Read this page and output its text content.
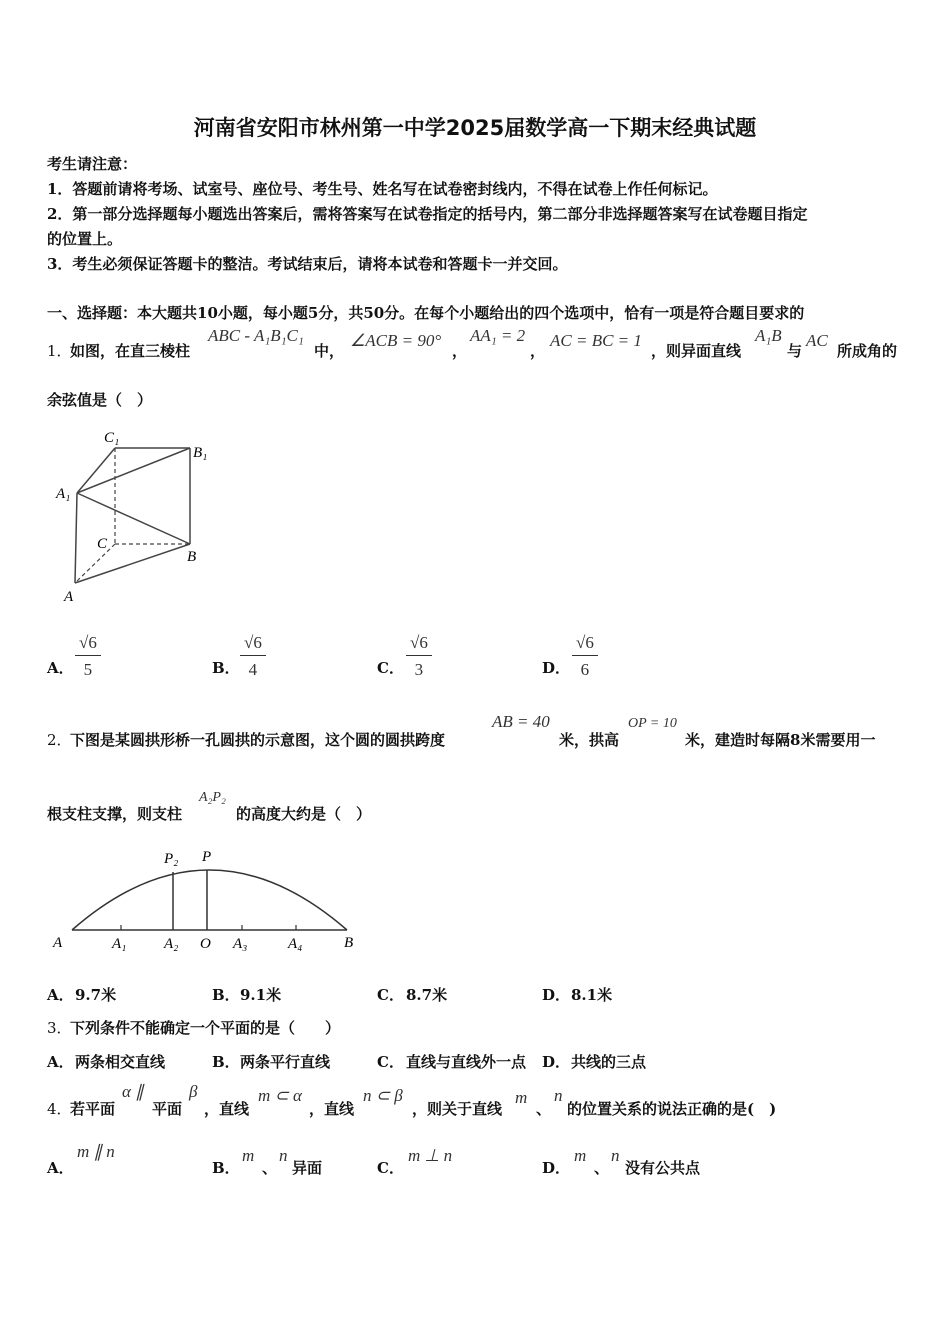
河南省安阳市林州第一中学2025届数学高一下期末经典试题
考生请注意：
1．答题前请将考场、试室号、座位号、考生号、姓名写在试卷密封线内，不得在试卷上作任何标记。
2．第一部分选择题每小题选出答案后，需将答案写在试卷指定的括号内，第二部分非选择题答案写在试卷题目指定
的位置上。
3．考生必须保证答题卡的整洁。考试结束后，请将本试卷和答题卡一并交回。
一、选择题：本大题共10小题，每小题5分，共50分。在每个小题给出的四个选项中，恰有一项是符合题目要求的
1．
如图，在直三棱柱
ABC - A₁B₁C₁
中，
∠ACB = 90°
，
AA₁ = 2
，
AC = BC = 1
，则异面直线
A₁B
与
AC
所成角的
余弦值是（　）
C₁
B₁
A₁
C
B
A
A． $\frac{√6}{5}$	B． $\frac{√6}{4}$	C． $\frac{√6}{3}$	D． $\frac{√6}{6}$
2．
下图是某圆拱形桥一孔圆拱的示意图，这个圆的圆拱跨度
AB = 40
米，拱高
OP = 10
米，建造时每隔8米需要用一
根支柱支撑，则支柱
A₂P₂
的高度大约是（　）
P₂ P
A	A₁	A₂ O A₃	A₄	B
A． 9.7米	B． 9.1米	C． 8.7米	D． 8.1米
3．
下列条件不能确定一个平面的是（　　）
A． 两条相交直线	B． 两条平行直线	C． 直线与直线外一点 D． 共线的三点
4．
若平面
α ∥
平面
β
，直线
m ⊂ α
，直线
n ⊂ β
，则关于直线
m
、
n
的位置关系的说法正确的是(　)
A．
m ∥ n
B．
m
、
n
异面	C．
m ⊥ n
D．
m
、
n
没有公共点
